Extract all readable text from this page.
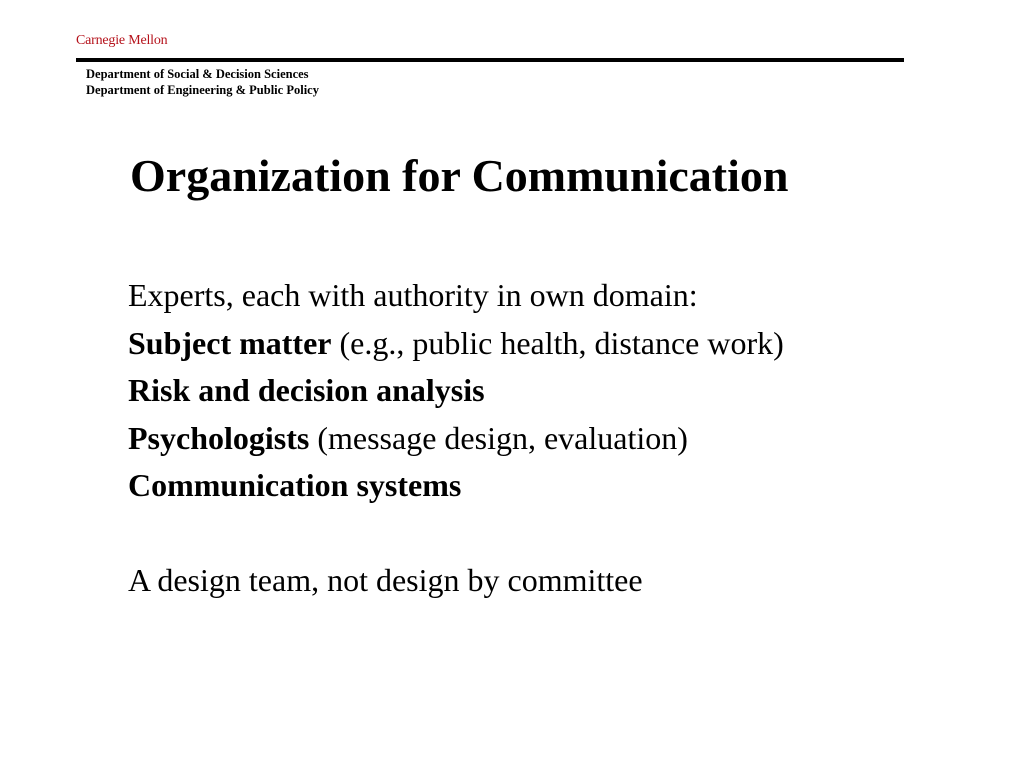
Carnegie Mellon
Department of Social & Decision Sciences
Department of Engineering & Public Policy
Organization for Communication
Experts, each with authority in own domain:
Subject matter (e.g., public health, distance work)
Risk and decision analysis
Psychologists (message design, evaluation)
Communication systems
A design team, not design by committee
